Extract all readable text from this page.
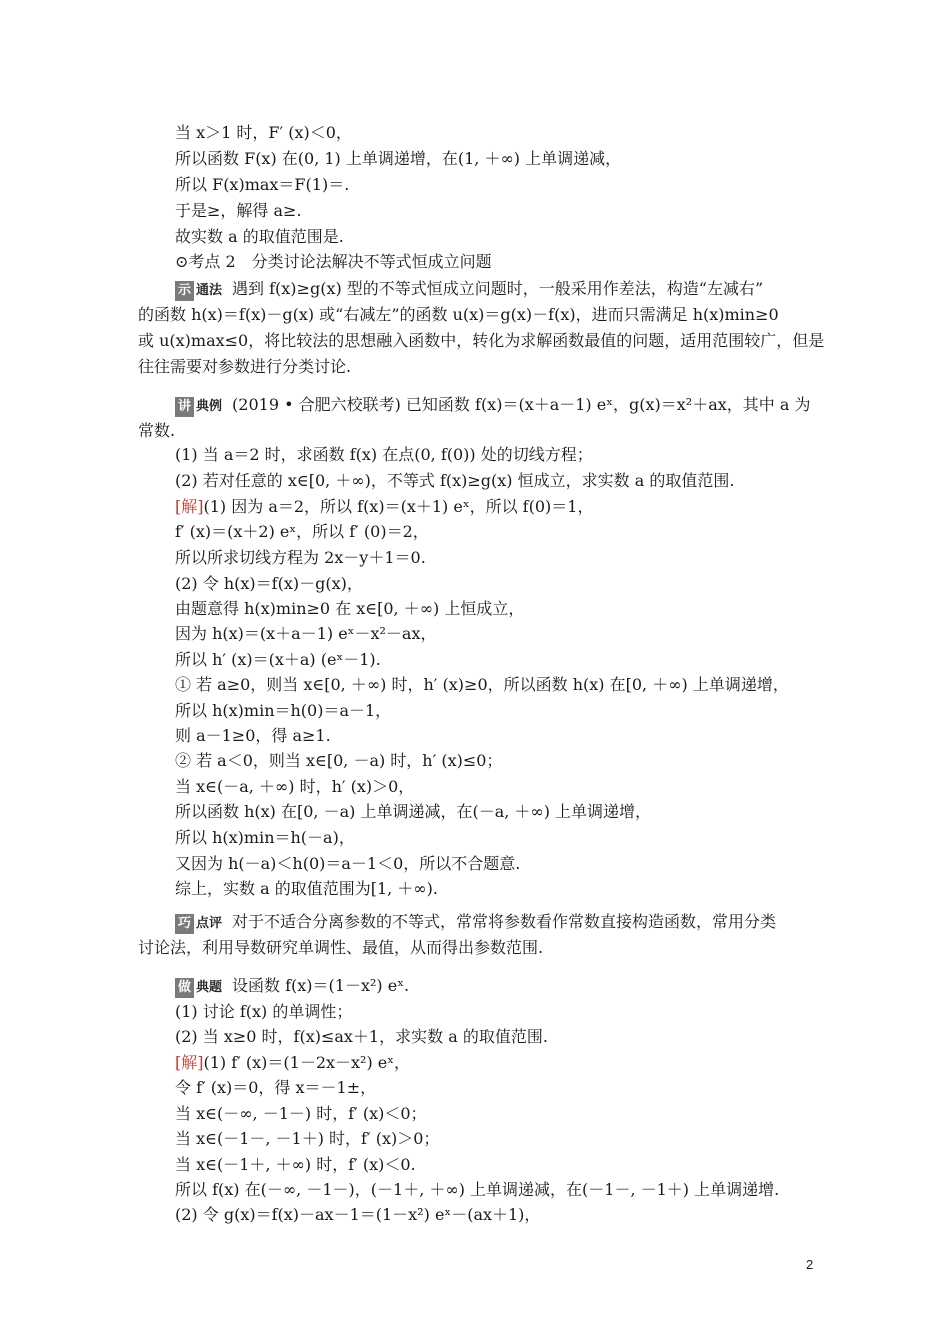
当 x＞1 时，F′ (x)＜0，
所以函数 F(x) 在(0, 1) 上单调递增，在(1, ＋∞) 上单调递减，
所以 F(x)max＝F(1)＝.
于是≥，解得 a≥.
故实数 a 的取值范围是.
⊙考点 2　分类讨论法解决不等式恒成立问题
示 通法 遇到 f(x)≥g(x) 型的不等式恒成立问题时，一般采用作差法，构造“左减右”
的函数 h(x)＝f(x)－g(x) 或“右减左”的函数 u(x)＝g(x)－f(x)，进而只需满足 h(x)min≥0
或 u(x)max≤0，将比较法的思想融入函数中，转化为求解函数最值的问题，适用范围较广，但是
往往需要对参数进行分类讨论.
讲 典例 (2019 • 合肥六校联考) 已知函数 f(x)＝(x＋a－1) eˣ，g(x)＝x²＋ax，其中 a 为
常数.
(1) 当 a＝2 时，求函数 f(x) 在点(0, f(0)) 处的切线方程；
(2) 若对任意的 x∈[0, ＋∞)，不等式 f(x)≥g(x) 恒成立，求实数 a 的取值范围.
[解](1) 因为 a＝2，所以 f(x)＝(x＋1) eˣ，所以 f(0)＝1，
f′ (x)＝(x＋2) eˣ，所以 f′ (0)＝2，
所以所求切线方程为 2x－y＋1＝0.
(2) 令 h(x)＝f(x)－g(x)，
由题意得 h(x)min≥0 在 x∈[0, ＋∞) 上恒成立，
因为 h(x)＝(x＋a－1) eˣ－x²－ax，
所以 h′ (x)＝(x＋a) (eˣ－1).
① 若 a≥0，则当 x∈[0, ＋∞) 时，h′ (x)≥0，所以函数 h(x) 在[0, ＋∞) 上单调递增，
所以 h(x)min＝h(0)＝a－1，
则 a－1≥0，得 a≥1.
② 若 a＜0，则当 x∈[0, －a) 时，h′ (x)≤0；
当 x∈(－a, ＋∞) 时，h′ (x)＞0，
所以函数 h(x) 在[0, －a) 上单调递减，在(－a, ＋∞) 上单调递增，
所以 h(x)min＝h(－a)，
又因为 h(－a)＜h(0)＝a－1＜0，所以不合题意.
综上，实数 a 的取值范围为[1, ＋∞).
巧 点评 对于不适合分离参数的不等式，常常将参数看作常数直接构造函数，常用分类
讨论法，利用导数研究单调性、最值，从而得出参数范围.
做 典题 设函数 f(x)＝(1－x²) eˣ.
(1) 讨论 f(x) 的单调性；
(2) 当 x≥0 时，f(x)≤ax＋1，求实数 a 的取值范围.
[解](1) f′ (x)＝(1－2x－x²) eˣ，
令 f′ (x)＝0，得 x＝－1±，
当 x∈(－∞, －1－) 时，f′ (x)＜0；
当 x∈(－1－, －1＋) 时，f′ (x)＞0；
当 x∈(－1＋, ＋∞) 时，f′ (x)＜0.
所以 f(x) 在(－∞, －1－)，(－1＋, ＋∞) 上单调递减，在(－1－, －1＋) 上单调递增.
(2) 令 g(x)＝f(x)－ax－1＝(1－x²) eˣ－(ax＋1)，
2
